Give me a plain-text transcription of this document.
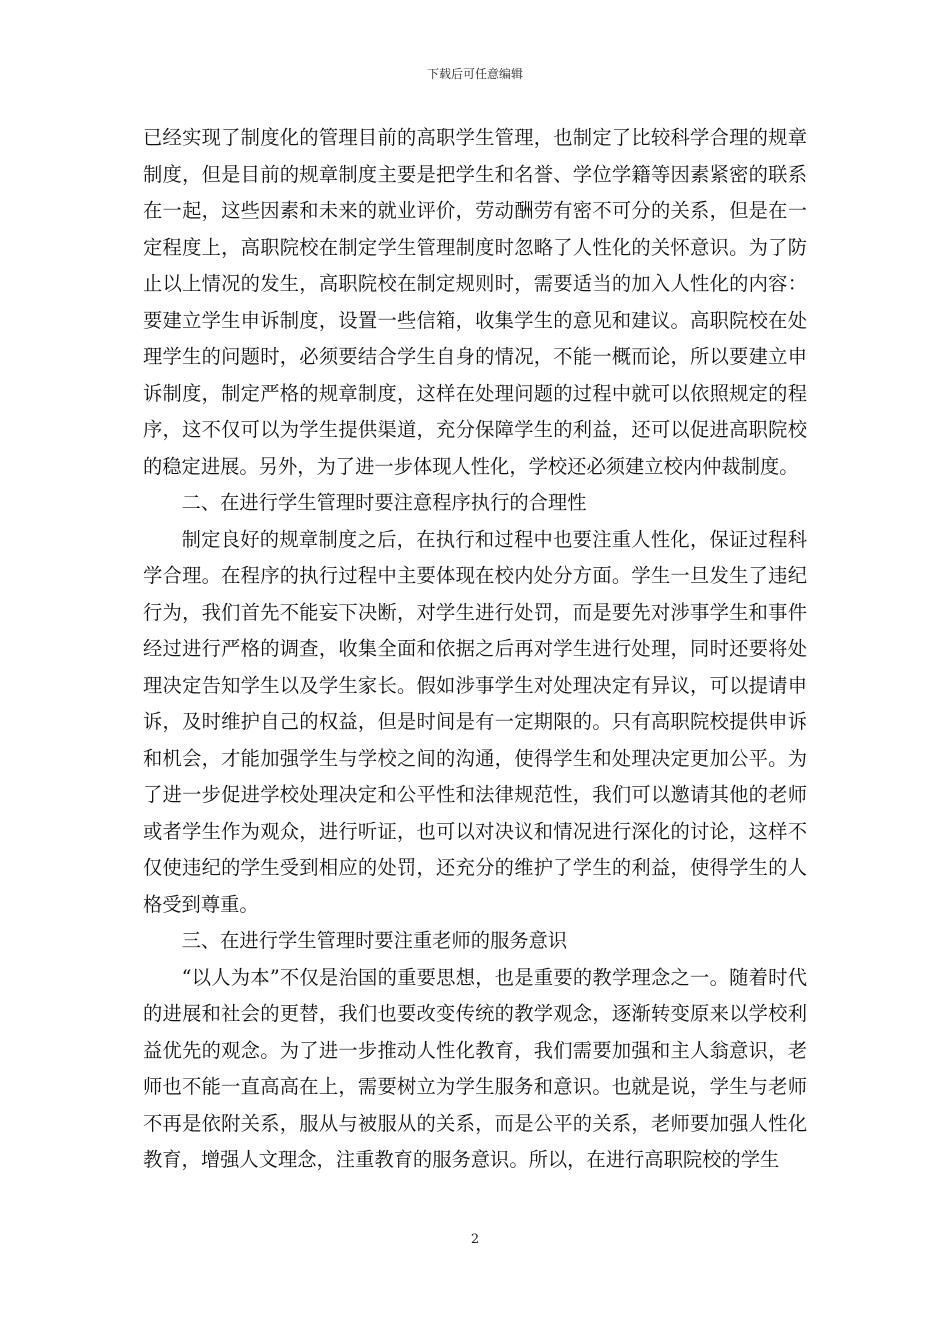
下载后可任意编辑

已经实现了制度化的管理目前的高职学生管理，也制定了比较科学合理的规章制度，但是目前的规章制度主要是把学生和名誉、学位学籍等因素紧密的联系在一起，这些因素和未来的就业评价，劳动酬劳有密不可分的关系，但是在一定程度上，高职院校在制定学生管理制度时忽略了人性化的关怀意识。为了防止以上情况的发生，高职院校在制定规则时，需要适当的加入人性化的内容：要建立学生申诉制度，设置一些信箱，收集学生的意见和建议。高职院校在处理学生的问题时，必须要结合学生自身的情况，不能一概而论，所以要建立申诉制度，制定严格的规章制度，这样在处理问题的过程中就可以依照规定的程序，这不仅可以为学生提供渠道，充分保障学生的利益，还可以促进高职院校的稳定进展。另外，为了进一步体现人性化，学校还必须建立校内仲裁制度。

二、在进行学生管理时要注意程序执行的合理性

制定良好的规章制度之后，在执行和过程中也要注重人性化，保证过程科学合理。在程序的执行过程中主要体现在校内处分方面。学生一旦发生了违纪行为，我们首先不能妄下决断，对学生进行处罚，而是要先对涉事学生和事件经过进行严格的调查，收集全面和依据之后再对学生进行处理，同时还要将处理决定告知学生以及学生家长。假如涉事学生对处理决定有异议，可以提请申诉，及时维护自己的权益，但是时间是有一定期限的。只有高职院校提供申诉和机会，才能加强学生与学校之间的沟通，使得学生和处理决定更加公平。为了进一步促进学校处理决定和公平性和法律规范性，我们可以邀请其他的老师或者学生作为观众，进行听证，也可以对决议和情况进行深化的讨论，这样不仅使违纪的学生受到相应的处罚，还充分的维护了学生的利益，使得学生的人格受到尊重。

三、在进行学生管理时要注重老师的服务意识

“以人为本”不仅是治国的重要思想，也是重要的教学理念之一。随着时代的进展和社会的更替，我们也要改变传统的教学观念，逐渐转变原来以学校利益优先的观念。为了进一步推动人性化教育，我们需要加强和主人翁意识，老师也不能一直高高在上，需要树立为学生服务和意识。也就是说，学生与老师不再是依附关系，服从与被服从的关系，而是公平的关系，老师要加强人性化教育，增强人文理念，注重教育的服务意识。所以，在进行高职院校的学生

2
